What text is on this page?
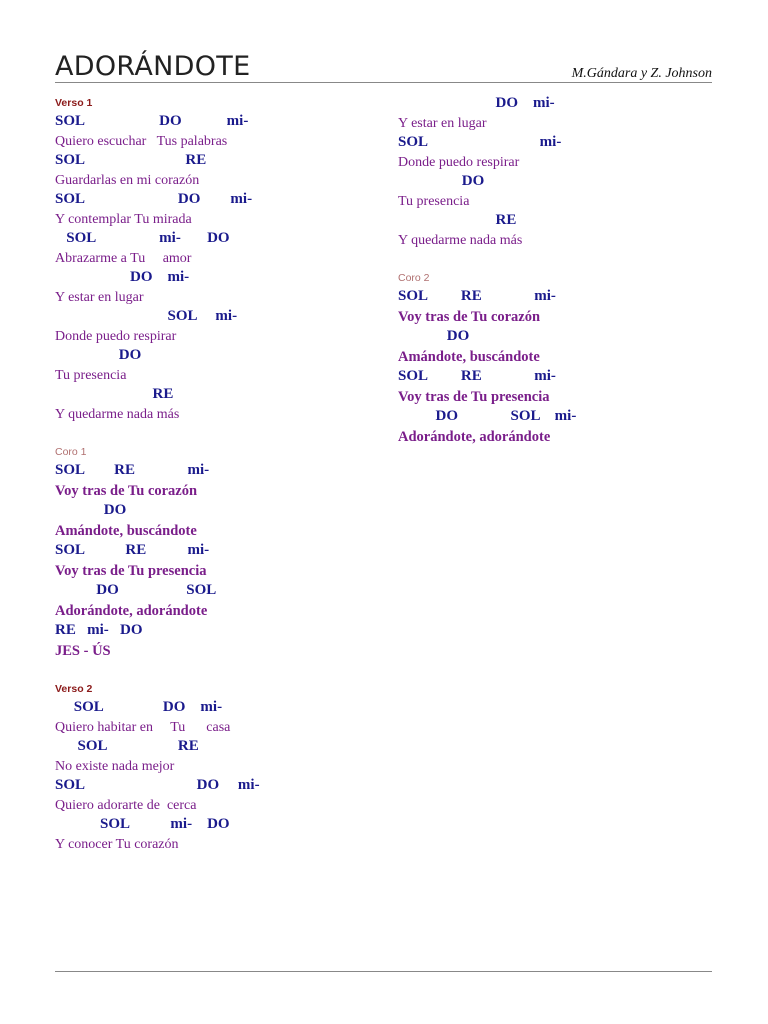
ADORÁNDOTE	M.Gándara y Z. Johnson
Verso 1
SOL                    DO            mi-
Quiero escuchar   Tus palabras
SOL                           RE
Guardarlas en mi corazón
SOL                         DO        mi-
Y contemplar Tu mirada
SOL                 mi-       DO
Abrazarme a Tu     amor
DO    mi-
Y estar en lugar
SOL     mi-
Donde puedo respirar
DO
Tu presencia
RE
Y quedarme nada más
Coro 1
SOL        RE              mi-
Voy tras de Tu corazón
DO
Amándote, buscándote
SOL           RE           mi-
Voy tras de Tu presencia
DO                  SOL
Adorándote, adorándote
RE   mi-   DO
JES - ÚS
Verso 2
SOL                DO    mi-
Quiero habitar en     Tu      casa
SOL                   RE
No existe nada mejor
SOL                              DO     mi-
Quiero adorarte de  cerca
SOL           mi-    DO
Y conocer Tu corazón
DO    mi-
Y estar en lugar
SOL                              mi-
Donde puedo respirar
DO
Tu presencia
RE
Y quedarme nada más
Coro 2
SOL         RE              mi-
Voy tras de Tu corazón
DO
Amándote, buscándote
SOL         RE              mi-
Voy tras de Tu presencia
DO              SOL    mi-
Adorándote, adorándote
